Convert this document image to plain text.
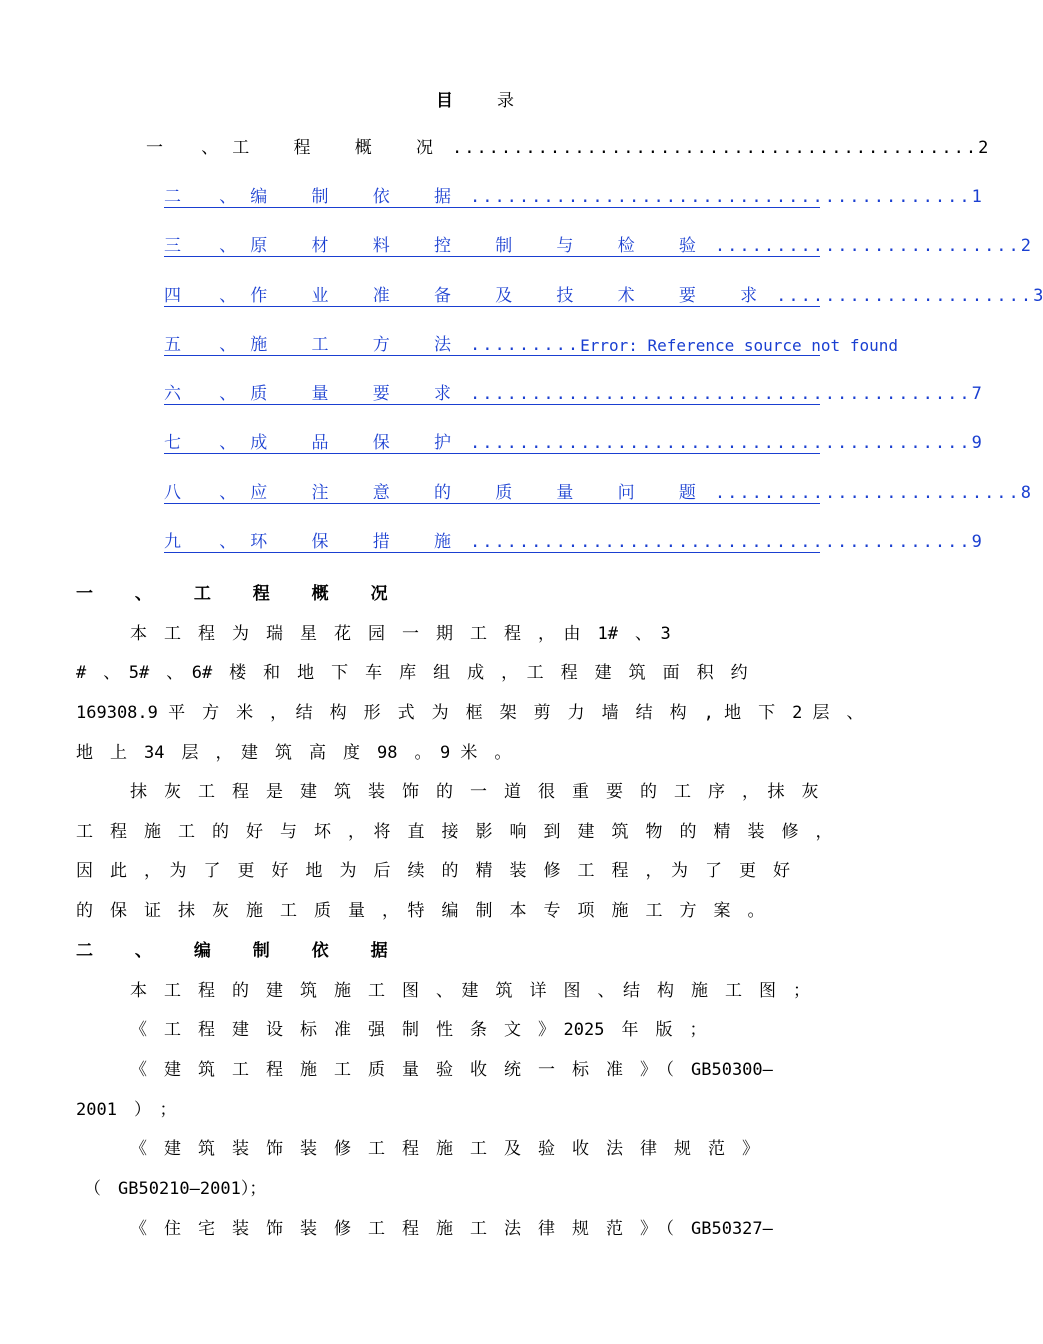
目	录
一 、 工 程 概 况 ........................................... 2
二 、 编 制 依 据 ......................................... 1
三 、 原 材 料 控 制 与 检 验 ......................... 2
四 、 作 业 准 备 及 技 术 要 求 ..................... 3
五 、 施 工 方 法 ......... Error: Reference source not found
六 、 质 量 要 求 ......................................... 7
七 、 成 品 保 护 ......................................... 9
八 、 应 注 意 的 质 量 问 题 ......................... 8
九 、 环 保 措 施 ......................................... 9
一 、 工 程 概 况
本　工　程　为　瑞　星　花　园　一　期　工　程　，　由　1#　、　3
#　、　5#　、　6#　楼　和　地　下　车　库　组　成　，　工　程　建　筑　面　积　约
169308.9 平　方　米　，　结　构　形　式　为　框　架　剪　力　墙　结　构　, 地　下　2 层　、
地　上　34　层　，　建　筑　高　度　98　。　9 米　。
抹　灰　工　程　是　建　筑　装　饰　的　一　道　很　重　要　的　工　序　，　抹　灰
工　程　施　工　的　好　与　坏　，　将　直　接　影　响　到　建　筑　物　的　精　装　修　，
因　此　，　为　了　更　好　地　为　后　续　的　精　装　修　工　程　，　为　了　更　好
的　保　证　抹　灰　施　工　质　量　，　特　编　制　本　专　项　施　工　方　案　。
二 、 编 制 依 据
本　工　程　的　建　筑　施　工　图　、　建　筑　详　图　、　结　构　施　工　图　；
《　工　程　建　设　标　准　强　制　性　条　文　》　2025　年　版　；
《　建　筑　工　程　施　工　质　量　验　收　统　一　标　准　》　（　GB50300—
2001　）　；
《　建　筑　装　饰　装　修　工　程　施　工　及　验　收　法　律　规　范　》
（　GB50210—2001）；
《　住　宅　装　饰　装　修　工　程　施　工　法　律　规　范　》　（　GB50327—
